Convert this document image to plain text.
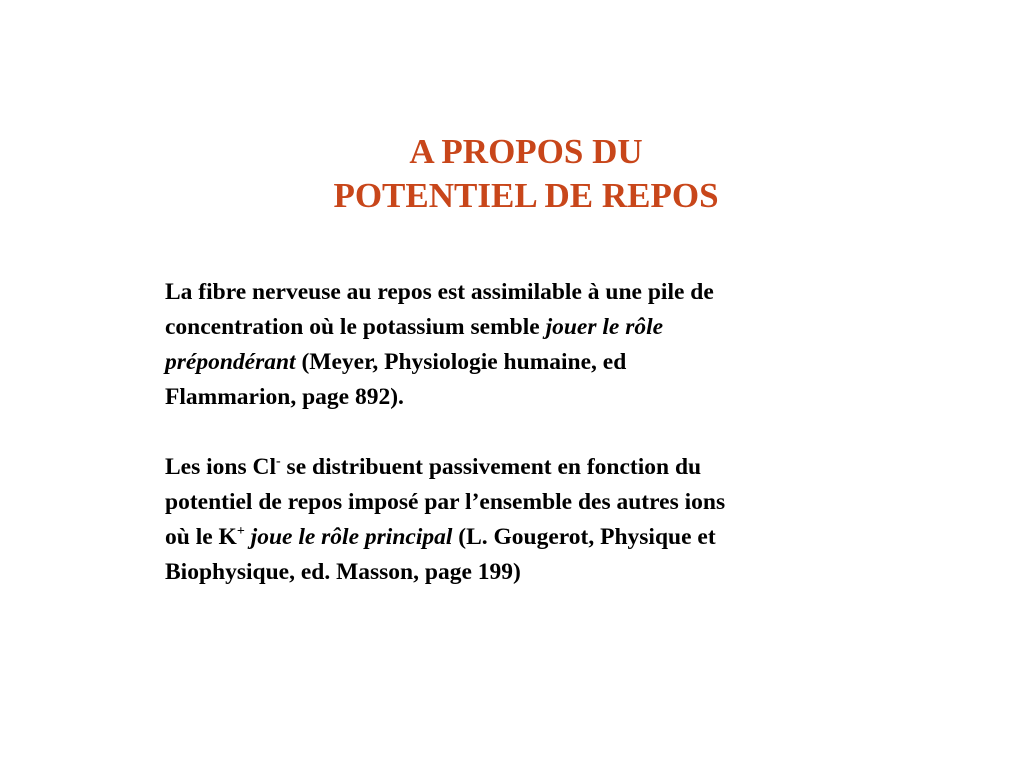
A PROPOS DU
POTENTIEL DE REPOS
La fibre nerveuse au repos est assimilable à une pile de
concentration où le potassium semble jouer le rôle
prépondérant (Meyer, Physiologie humaine, ed
Flammarion, page 892).
Les ions Cl- se distribuent passivement en fonction du
potentiel de repos imposé par l’ensemble des autres ions
où le K+ joue le rôle principal (L. Gougerot, Physique et
Biophysique, ed. Masson, page 199)
